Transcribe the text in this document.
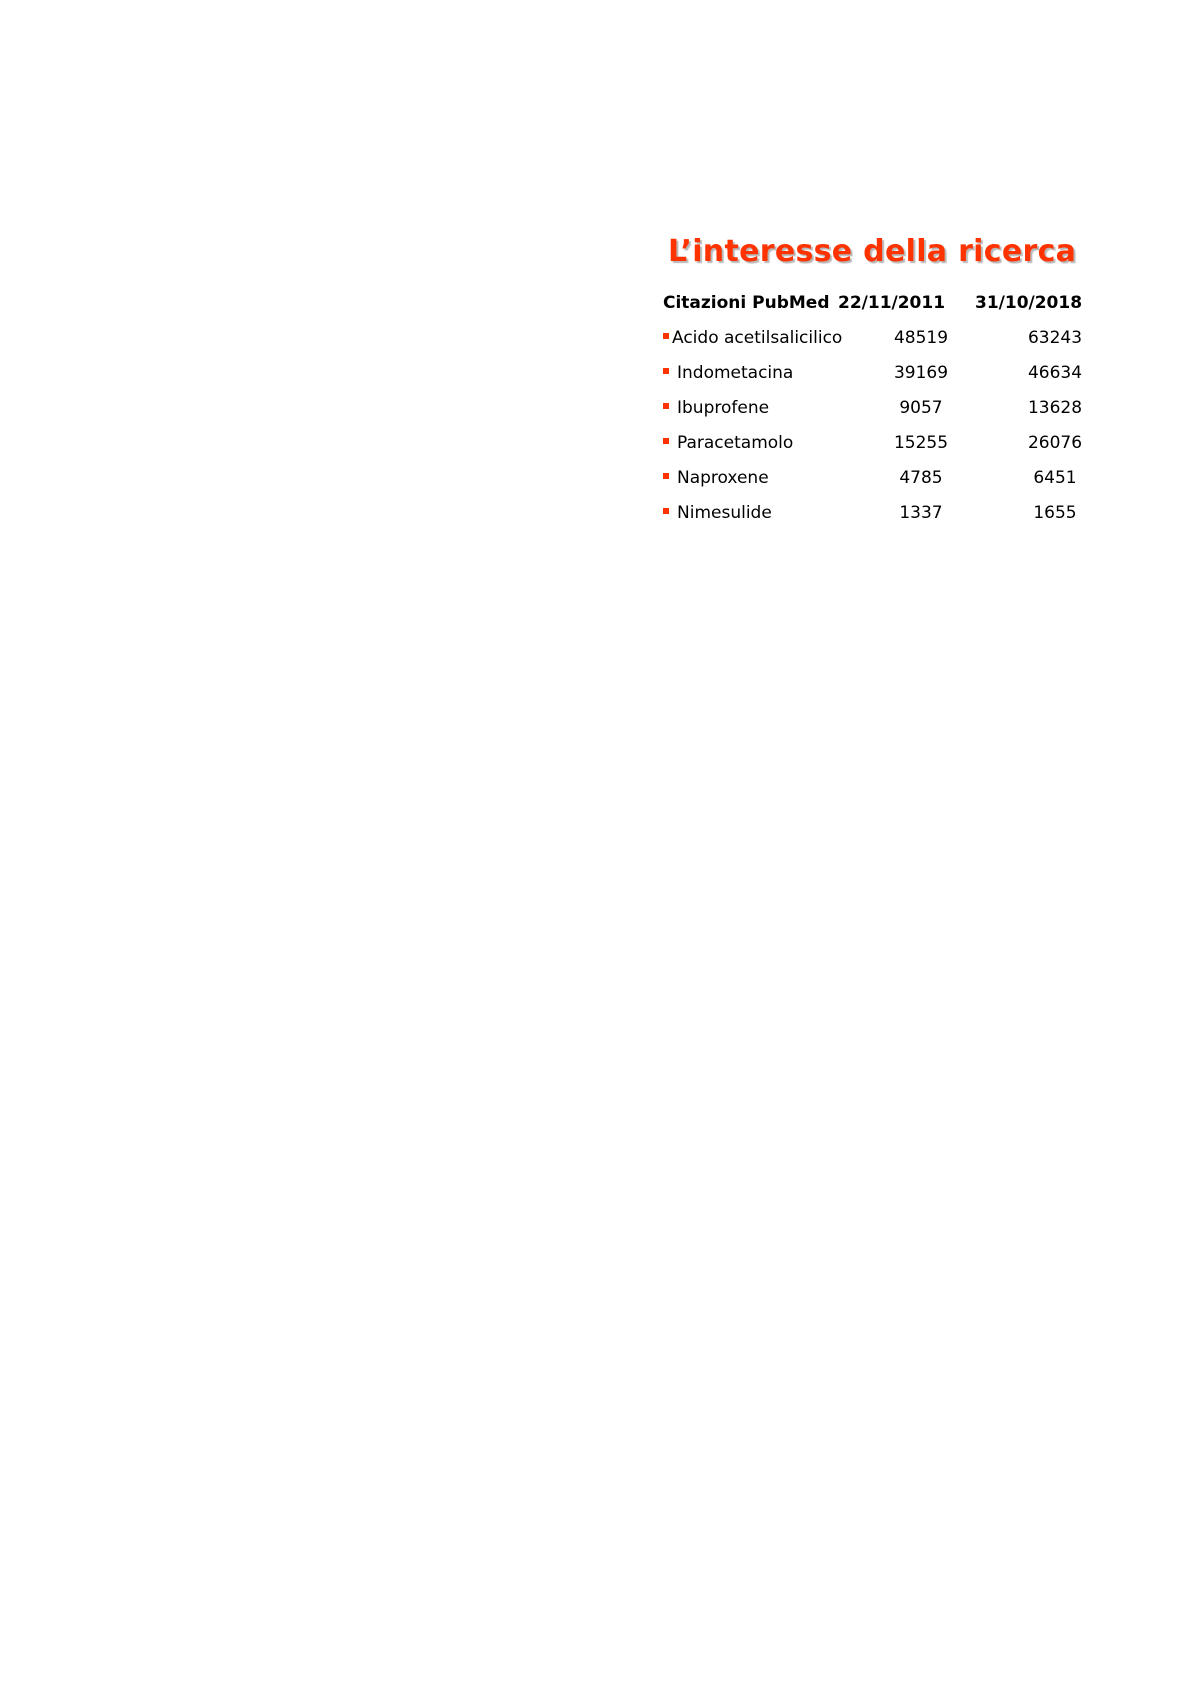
L’interesse della ricerca
Citazioni PubMed 22/11/2011	31/10/2018
Acido acetilsalicilico	48519	63243
Indometacina	39169	46634
Ibuprofene	9057	13628
Paracetamolo	15255	26076
Naproxene	4785	6451
Nimesulide	1337	1655
